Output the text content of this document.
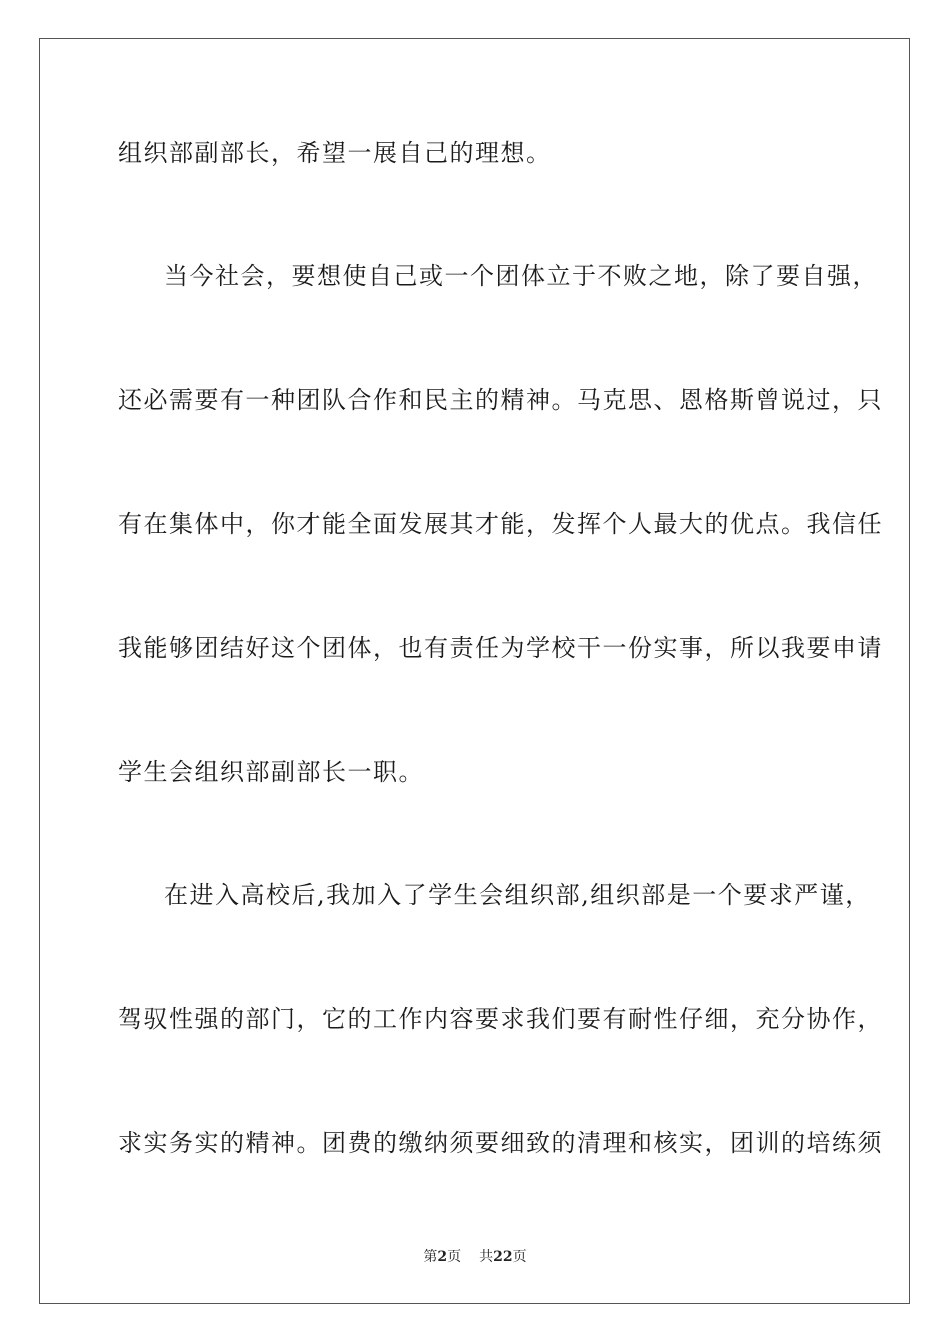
组织部副部长，希望一展自己的理想。
当今社会，要想使自己或一个团体立于不败之地，除了要自强，
还必需要有一种团队合作和民主的精神。马克思、恩格斯曾说过，只
有在集体中，你才能全面发展其才能，发挥个人最大的优点。我信任
我能够团结好这个团体，也有责任为学校干一份实事，所以我要申请
学生会组织部副部长一职。
在进入高校后,我加入了学生会组织部,组织部是一个要求严谨，
驾驭性强的部门，它的工作内容要求我们要有耐性仔细，充分协作，
求实务实的精神。团费的缴纳须要细致的清理和核实，团训的培练须
第2页 共22页
